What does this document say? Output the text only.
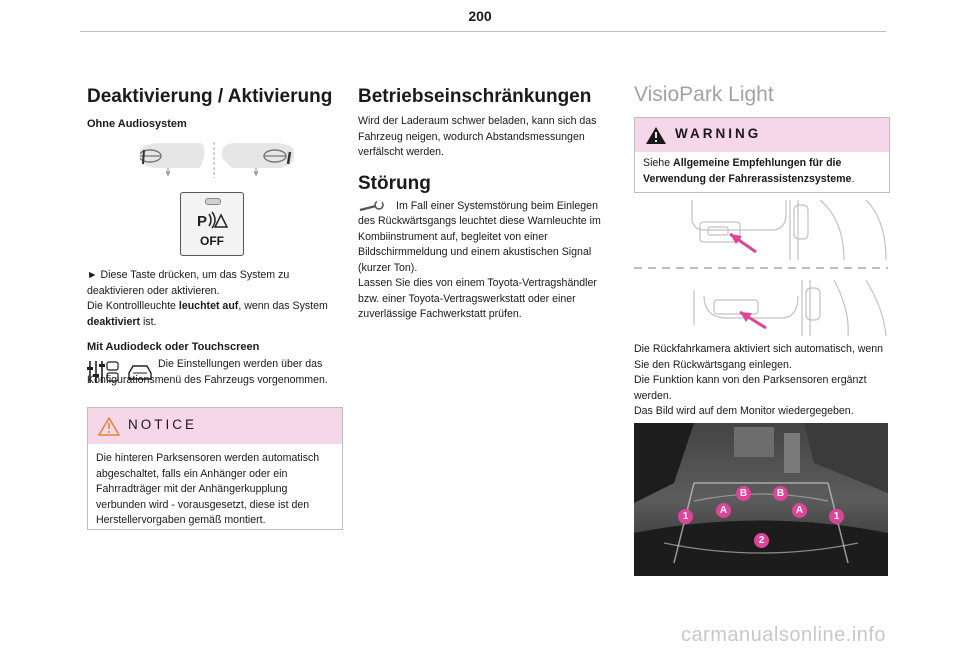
200
Deaktivierung / Aktivierung

Ohne Audiosystem

P
OFF

► Diese Taste drücken, um das System zu deaktivieren oder aktivieren.

Die Kontrollleuchte leuchtet auf, wenn das System deaktiviert ist.

Mit Audiodeck oder Touchscreen

Die Einstellungen werden über das Konfigurationsmenü des Fahrzeugs vorgenommen.

NOTICE
Die hinteren Parksensoren werden automatisch abgeschaltet, falls ein Anhänger oder ein Fahrradträger mit der Anhängerkupplung verbunden wird - vorausgesetzt, diese ist den Herstellervorgaben gemäß montiert.
Betriebseinschränkungen

Wird der Laderaum schwer beladen, kann sich das Fahrzeug neigen, wodurch Abstandsmessungen verfälscht werden.

Störung

Im Fall einer Systemstörung beim Einlegen des Rückwärtsgangs leuchtet diese Warnleuchte im Kombiinstrument auf, begleitet von einer Bildschirmmeldung und einem akustischen Signal (kurzer Ton).

Lassen Sie dies von einem Toyota-Vertragshändler bzw. einer Toyota-Vertragswerkstatt oder einer zuverlässige Fachwerkstatt prüfen.

VisioPark Light
WARNING
Siehe Allgemeine Empfehlungen für die Verwendung der Fahrerassistenzsysteme.

Die Rückfahrkamera aktiviert sich automatisch, wenn Sie den Rückwärtsgang einlegen.

Die Funktion kann von den Parksensoren ergänzt werden.

Das Bild wird auf dem Monitor wiedergegeben.

B	B
A	A
1	1
2
carmanualsonline.info
